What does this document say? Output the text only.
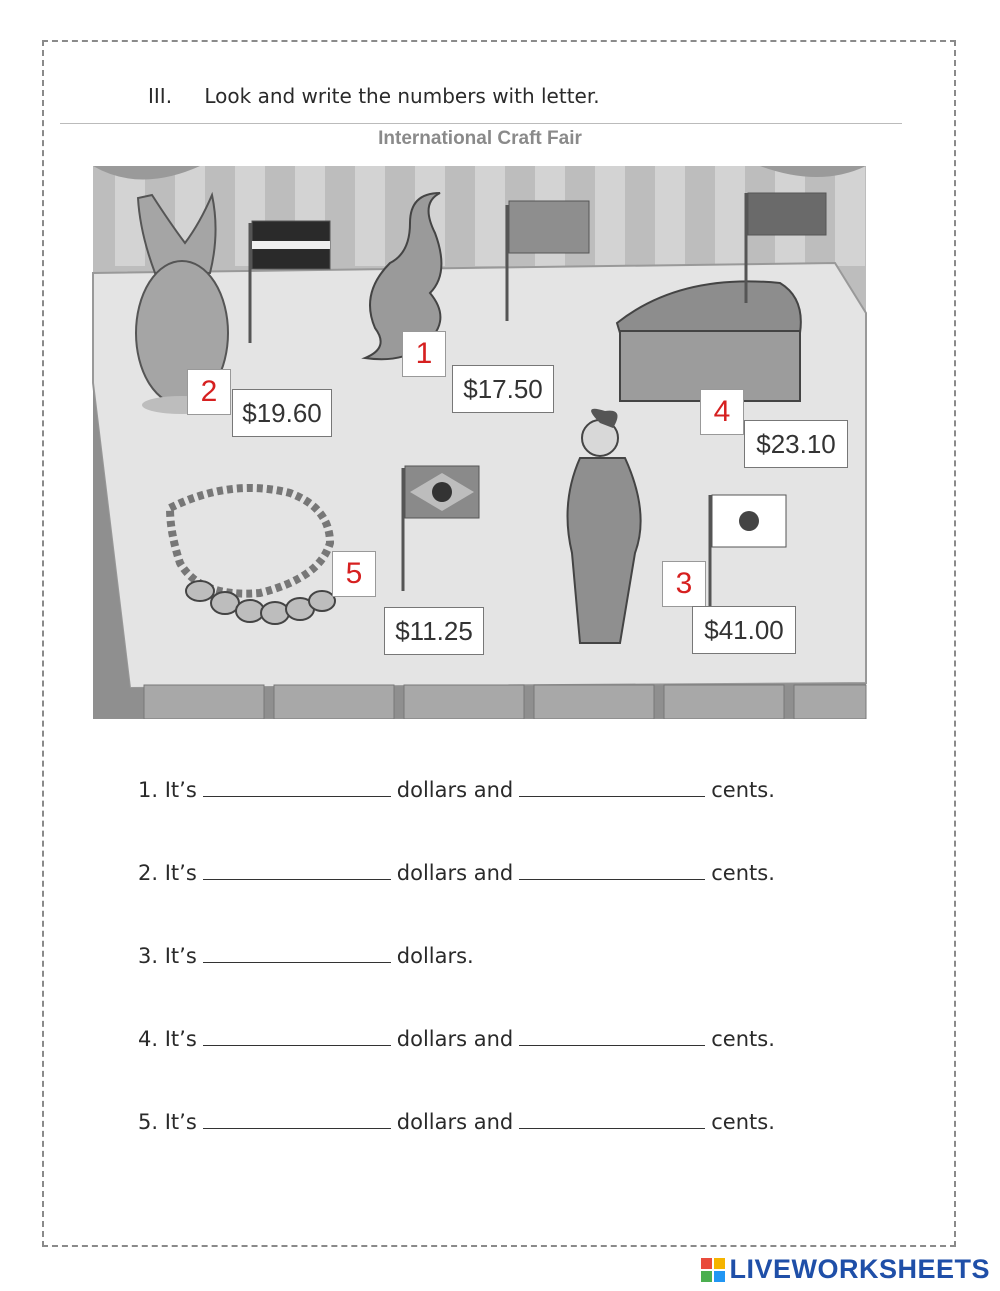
III. Look and write the numbers with letter.
International Craft Fair
1
$17.50
2
$19.60
3
$41.00
4
$23.10
5
$11.25
1. It’s	dollars and	cents.
2. It’s	dollars and	cents.
3. It’s	dollars.
4. It’s	dollars and	cents.
5. It’s	dollars and	cents.
LIVEWORKSHEETS
